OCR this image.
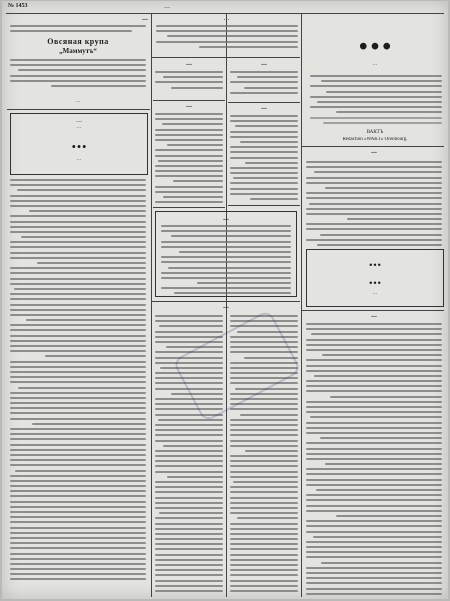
…
№ 1453
…
…
ВАКТЪ
Redaction «WAKT» Orenbourg.
…
…
…
…
…
…
…
…
…
…
…
…
…
Овсяная крупа
„Маммутъ“
…
…
…
…
…
…
